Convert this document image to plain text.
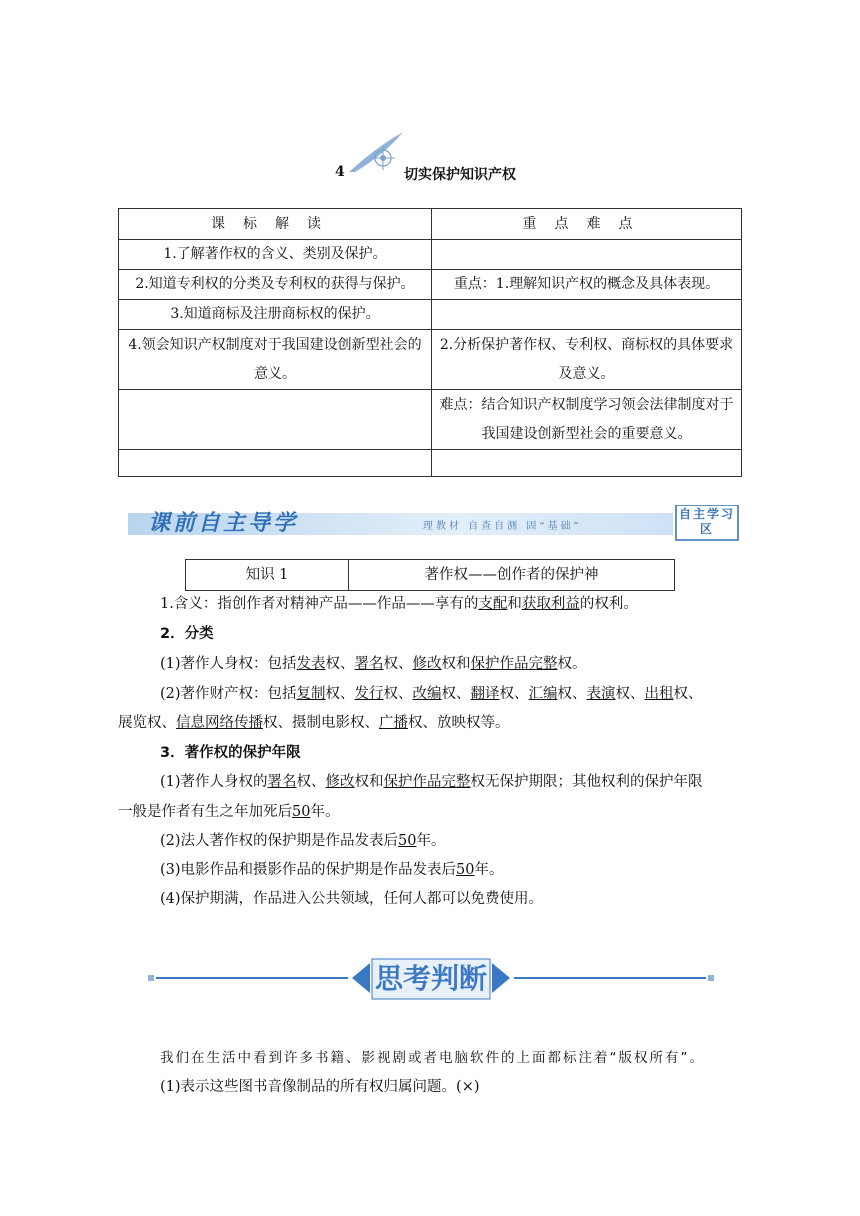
4	切实保护知识产权
课标解读	重点难点
1.了解著作权的含义、类别及保护。	
2.知道专利权的分类及专利权的获得与保护。	重点：1.理解知识产权的概念及具体表现。
3.知道商标及注册商标权的保护。	
4.领会知识产权制度对于我国建设创新型社会的意义。	2.分析保护著作权、专利权、商标权的具体要求及意义。
	难点：结合知识产权制度学习领会法律制度对于我国建设创新型社会的重要意义。

课前自主导学	理教材 自查自测 固“基础”
自主学习区
知识 1	著作权——创作者的保护神
1.含义：指创作者对精神产品——作品——享有的支配和获取利益的权利。
2．分类
(1)著作人身权：包括发表权、署名权、修改权和保护作品完整权。
(2)著作财产权：包括复制权、发行权、改编权、翻译权、汇编权、表演权、出租权、
展览权、信息网络传播权、摄制电影权、广播权、放映权等。
3．著作权的保护年限
(1)著作人身权的署名权、修改权和保护作品完整权无保护期限；其他权利的保护年限
一般是作者有生之年加死后50年。
(2)法人著作权的保护期是作品发表后50年。
(3)电影作品和摄影作品的保护期是作品发表后50年。
(4)保护期满，作品进入公共领域，任何人都可以免费使用。
思考判断
我们在生活中看到许多书籍、影视剧或者电脑软件的上面都标注着“版权所有”。
(1)表示这些图书音像制品的所有权归属问题。(×)
